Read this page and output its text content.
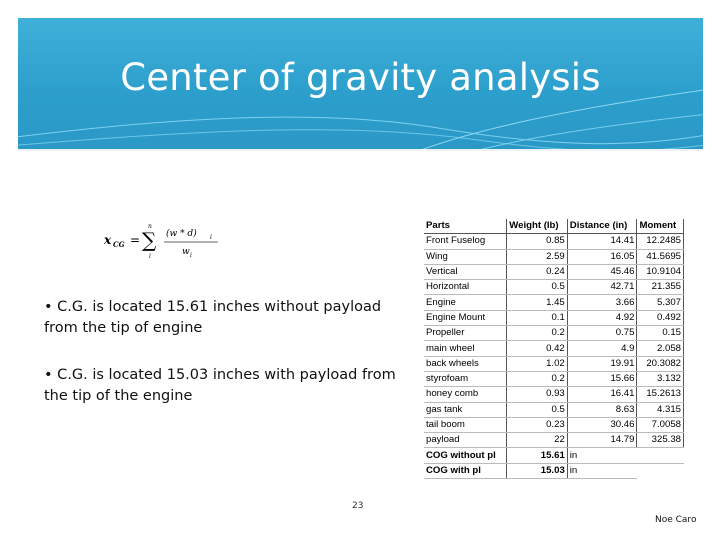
Center of gravity analysis
x CG = ∑
n
i
(w * d) i
w i
• C.G. is located 15.61 inches without payload from the tip of engine
• C.G. is located 15.03 inches with payload from the tip of the engine
Parts	Weight (lb)	Distance (in)	Moment
Front Fuselog	0.85	14.41	12.2485
Wing	2.59	16.05	41.5695
Vertical	0.24	45.46	10.9104
Horizontal	0.5	42.71	21.355
Engine	1.45	3.66	5.307
Engine Mount	0.1	4.92	0.492
Propeller	0.2	0.75	0.15
main wheel	0.42	4.9	2.058
back wheels	1.02	19.91	20.3082
styrofoam	0.2	15.66	3.132
honey comb	0.93	16.41	15.2613
gas tank	0.5	8.63	4.315
tail boom	0.23	30.46	7.0058
payload	22	14.79	325.38
COG without pl	15.61	in	
COG with pl	15.03	in	
23
Noe Caro
